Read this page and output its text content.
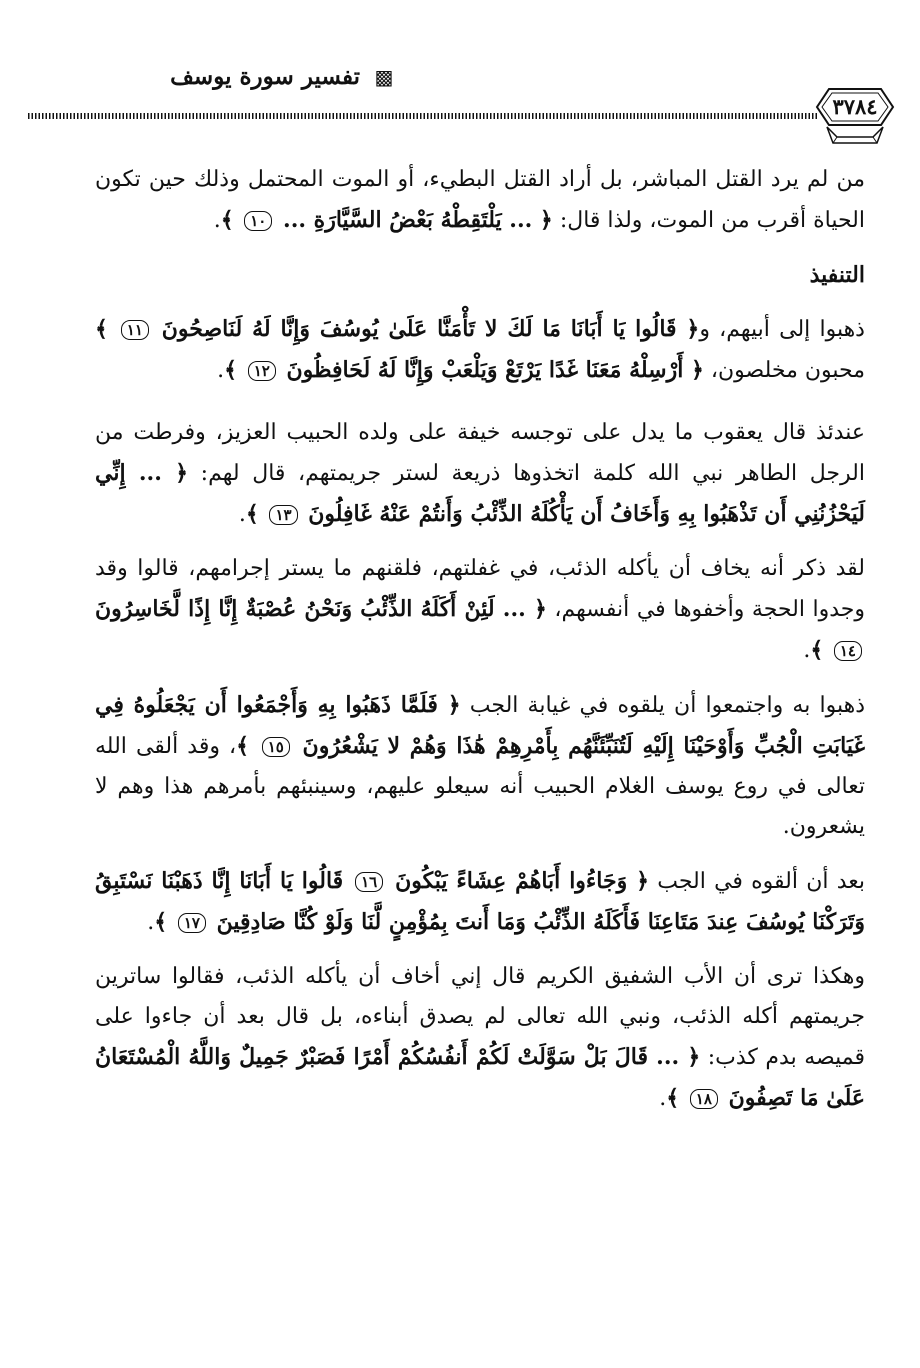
تفسير سورة يوسف ▩
٣٧٨٤

من لم يرد القتل المباشر، بل أراد القتل البطيء، أو الموت المحتمل وذلك حين تكون الحياة أقرب من الموت، ولذا قال: ﴿ ... يَلْتَقِطْهُ بَعْضُ السَّيَّارَةِ ... ١٠ ﴾.

التنفيذ

ذهبوا إلى أبيهم، و﴿ قَالُوا يَا أَبَانَا مَا لَكَ لا تَأْمَنَّا عَلَىٰ يُوسُفَ وَإِنَّا لَهُ لَنَاصِحُونَ ١١ ﴾ محبون مخلصون، ﴿ أَرْسِلْهُ مَعَنَا غَدًا يَرْتَعْ وَيَلْعَبْ وَإِنَّا لَهُ لَحَافِظُونَ ١٢ ﴾.

عندئذ قال يعقوب ما يدل على توجسه خيفة على ولده الحبيب العزيز، وفرطت من الرجل الطاهر نبي الله كلمة اتخذوها ذريعة لستر جريمتهم، قال لهم: ﴿ ... إِنِّي لَيَحْزُنُنِي أَن تَذْهَبُوا بِهِ وَأَخَافُ أَن يَأْكُلَهُ الذِّئْبُ وَأَنتُمْ عَنْهُ غَافِلُونَ ١٣ ﴾.

لقد ذكر أنه يخاف أن يأكله الذئب، في غفلتهم، فلقنهم ما يستر إجرامهم، قالوا وقد وجدوا الحجة وأخفوها في أنفسهم، ﴿ ... لَئِنْ أَكَلَهُ الذِّئْبُ وَنَحْنُ عُصْبَةٌ إِنَّا إِذًا لَّخَاسِرُونَ ١٤ ﴾.

ذهبوا به واجتمعوا أن يلقوه في غيابة الجب ﴿ فَلَمَّا ذَهَبُوا بِهِ وَأَجْمَعُوا أَن يَجْعَلُوهُ فِي غَيَابَتِ الْجُبِّ وَأَوْحَيْنَا إِلَيْهِ لَتُنَبِّئَنَّهُم بِأَمْرِهِمْ هَٰذَا وَهُمْ لا يَشْعُرُونَ ١٥ ﴾، وقد ألقى الله تعالى في روع يوسف الغلام الحبيب أنه سيعلو عليهم، وسينبئهم بأمرهم هذا وهم لا يشعرون.

بعد أن ألقوه في الجب ﴿ وَجَاءُوا أَبَاهُمْ عِشَاءً يَبْكُونَ ١٦ قَالُوا يَا أَبَانَا إِنَّا ذَهَبْنَا نَسْتَبِقُ وَتَرَكْنَا يُوسُفَ عِندَ مَتَاعِنَا فَأَكَلَهُ الذِّئْبُ وَمَا أَنتَ بِمُؤْمِنٍ لَّنَا وَلَوْ كُنَّا صَادِقِينَ ١٧ ﴾.

وهكذا ترى أن الأب الشفيق الكريم قال إني أخاف أن يأكله الذئب، فقالوا ساترين جريمتهم أكله الذئب، ونبي الله تعالى لم يصدق أبناءه، بل قال بعد أن جاءوا على قميصه بدم كذب: ﴿ ... قَالَ بَلْ سَوَّلَتْ لَكُمْ أَنفُسُكُمْ أَمْرًا فَصَبْرٌ جَمِيلٌ وَاللَّهُ الْمُسْتَعَانُ عَلَىٰ مَا تَصِفُونَ ١٨ ﴾.
